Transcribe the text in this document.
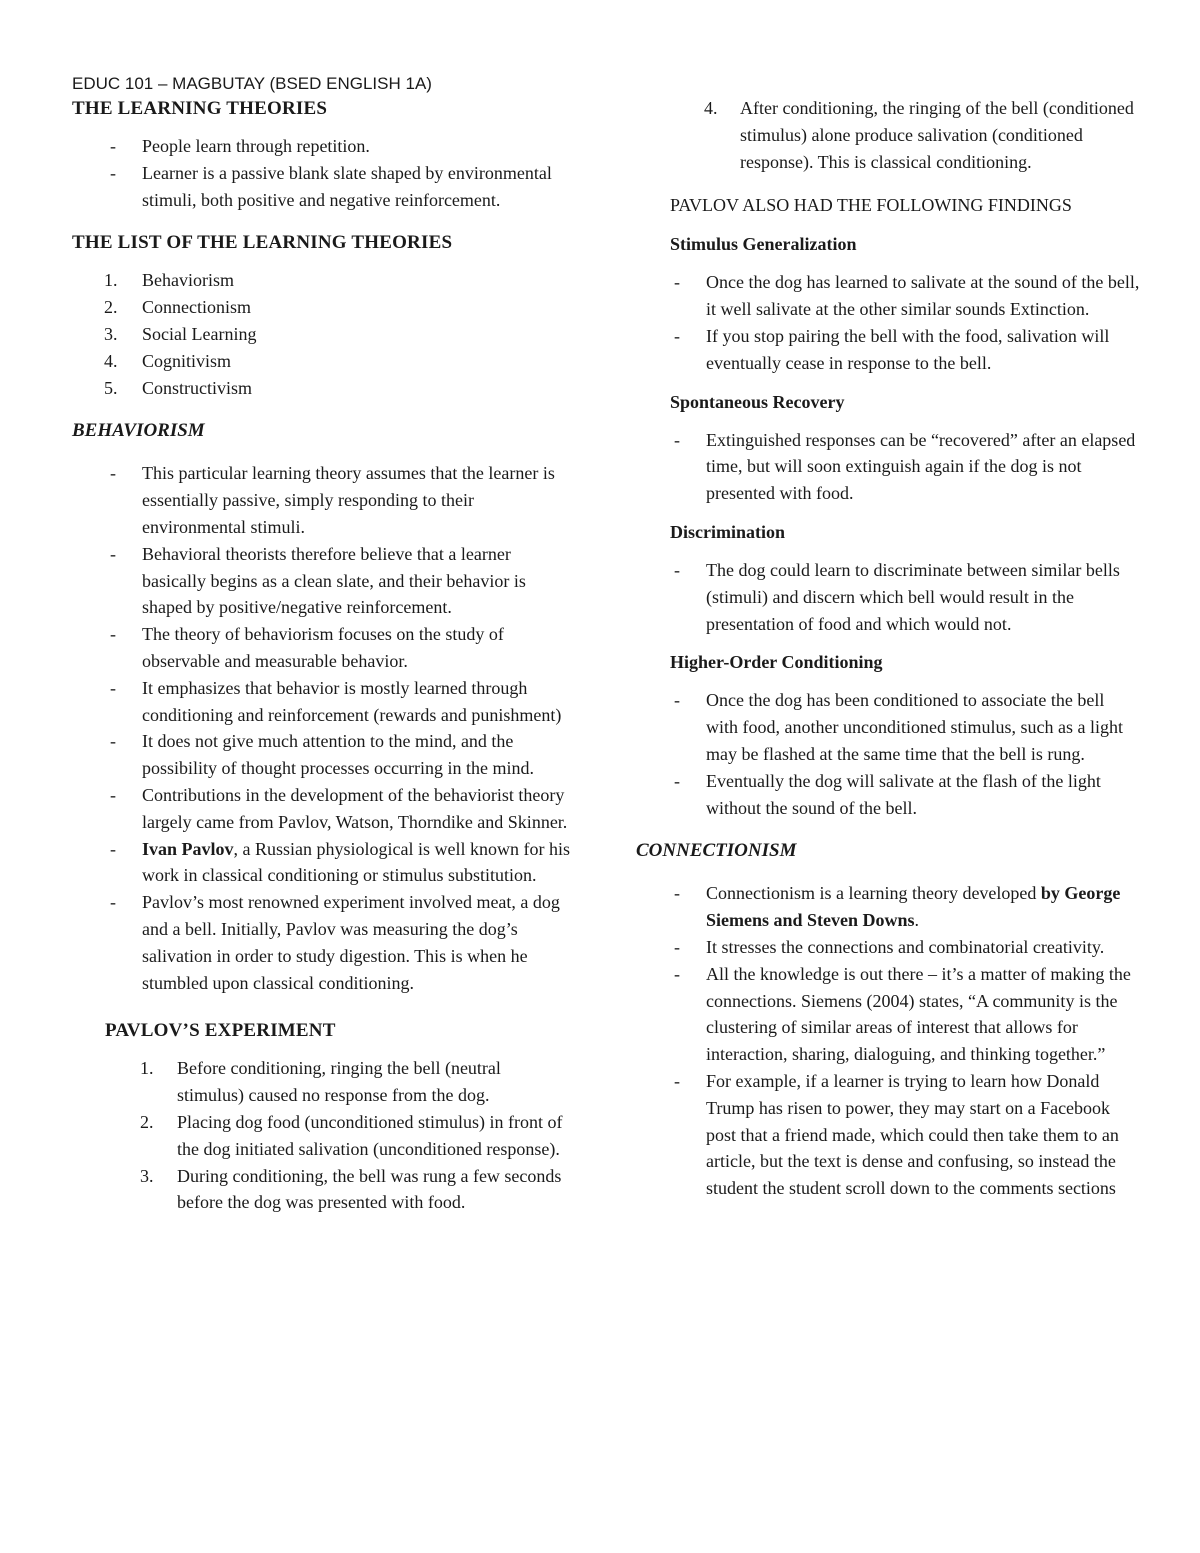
EDUC 101 – MAGBUTAY (BSED ENGLISH 1A)

THE LEARNING THEORIES
- People learn through repetition.
- Learner is a passive blank slate shaped by environmental stimuli, both positive and negative reinforcement.
THE LIST OF THE LEARNING THEORIES
1. Behaviorism
2. Connectionism
3. Social Learning
4. Cognitivism
5. Constructivism
BEHAVIORISM
- This particular learning theory assumes that the learner is essentially passive, simply responding to their environmental stimuli.
- Behavioral theorists therefore believe that a learner basically begins as a clean slate, and their behavior is shaped by positive/negative reinforcement.
- The theory of behaviorism focuses on the study of observable and measurable behavior.
- It emphasizes that behavior is mostly learned through conditioning and reinforcement (rewards and punishment)
- It does not give much attention to the mind, and the possibility of thought processes occurring in the mind.
- Contributions in the development of the behaviorist theory largely came from Pavlov, Watson, Thorndike and Skinner.
- Ivan Pavlov, a Russian physiological is well known for his work in classical conditioning or stimulus substitution.
- Pavlov’s most renowned experiment involved meat, a dog and a bell. Initially, Pavlov was measuring the dog’s salivation in order to study digestion. This is when he stumbled upon classical conditioning.
PAVLOV’S EXPERIMENT
1. Before conditioning, ringing the bell (neutral stimulus) caused no response from the dog.
2. Placing dog food (unconditioned stimulus) in front of the dog initiated salivation (unconditioned response).
3. During conditioning, the bell was rung a few seconds before the dog was presented with food.
4. After conditioning, the ringing of the bell (conditioned stimulus) alone produce salivation (conditioned response). This is classical conditioning.

PAVLOV ALSO HAD THE FOLLOWING FINDINGS

Stimulus Generalization
- Once the dog has learned to salivate at the sound of the bell, it well salivate at the other similar sounds Extinction.
- If you stop pairing the bell with the food, salivation will eventually cease in response to the bell.
Spontaneous Recovery
- Extinguished responses can be “recovered” after an elapsed time, but will soon extinguish again if the dog is not presented with food.
Discrimination
- The dog could learn to discriminate between similar bells (stimuli) and discern which bell would result in the presentation of food and which would not.
Higher-Order Conditioning
- Once the dog has been conditioned to associate the bell with food, another unconditioned stimulus, such as a light may be flashed at the same time that the bell is rung.
- Eventually the dog will salivate at the flash of the light without the sound of the bell.
CONNECTIONISM
- Connectionism is a learning theory developed by George Siemens and Steven Downs.
- It stresses the connections and combinatorial creativity.
- All the knowledge is out there – it’s a matter of making the connections. Siemens (2004) states, “A community is the clustering of similar areas of interest that allows for interaction, sharing, dialoguing, and thinking together.”
- For example, if a learner is trying to learn how Donald Trump has risen to power, they may start on a Facebook post that a friend made, which could then take them to an article, but the text is dense and confusing, so instead the student the student scroll down to the comments sections
